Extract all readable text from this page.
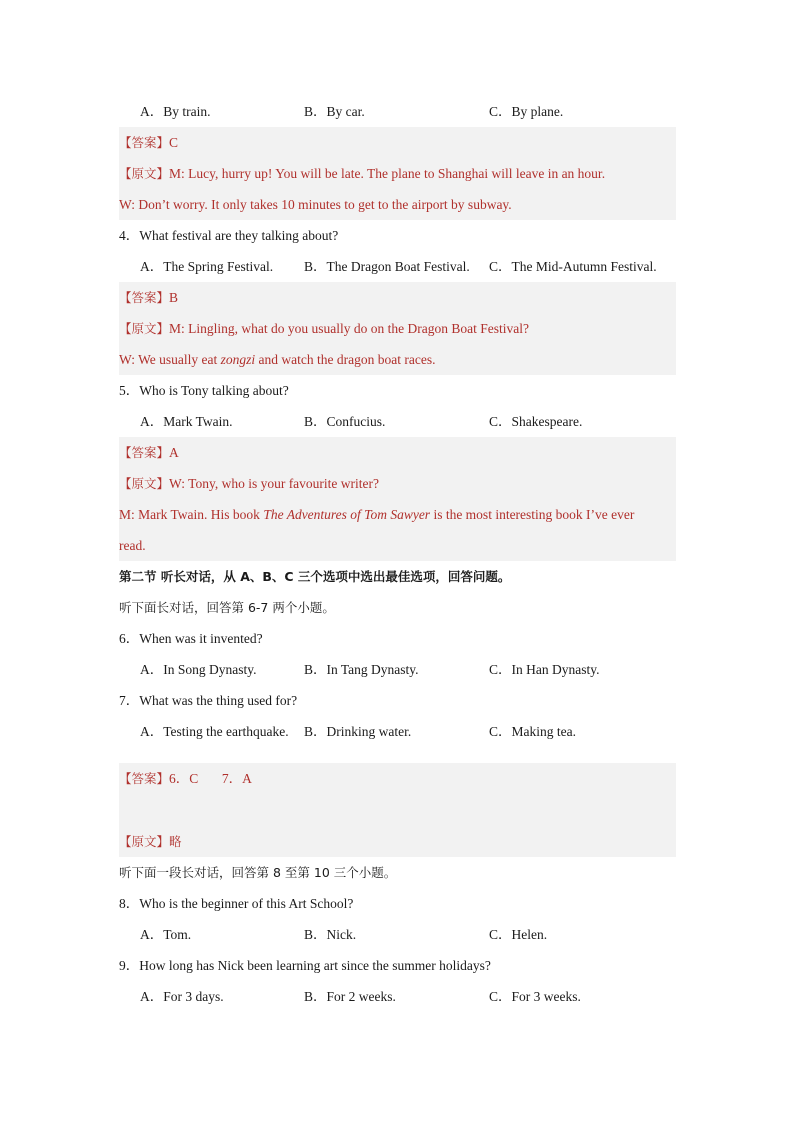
A．By train.	B．By car.	C．By plane.
【答案】C
【原文】M: Lucy, hurry up! You will be late. The plane to Shanghai will leave in an hour.
W: Don’t worry. It only takes 10 minutes to get to the airport by subway.
4．What festival are they talking about?
A．The Spring Festival. B．The Dragon Boat Festival. C．The Mid-Autumn Festival.
【答案】B
【原文】M: Lingling, what do you usually do on the Dragon Boat Festival?
W: We usually eat zongzi and watch the dragon boat races.
5．Who is Tony talking about?
A．Mark Twain.	B．Confucius.	C．Shakespeare.
【答案】A
【原文】W: Tony, who is your favourite writer?
M: Mark Twain. His book The Adventures of Tom Sawyer is the most interesting book I’ve ever
read.
第二节 听长对话，从 A、B、C 三个选项中选出最佳选项，回答问题。
听下面长对话，回答第 6-7 两个小题。
6．When was it invented?
A．In Song Dynasty.	B．In Tang Dynasty.	C．In Han Dynasty.
7．What was the thing used for?
A．Testing the earthquake. B．Drinking water.	C．Making tea.
【答案】6．C       7．A
【原文】略
听下面一段长对话，回答第 8 至第 10 三个小题。
8．Who is the beginner of this Art School?
A．Tom.	B．Nick.	C．Helen.
9．How long has Nick been learning art since the summer holidays?
A．For 3 days.	B．For 2 weeks.	C．For 3 weeks.
